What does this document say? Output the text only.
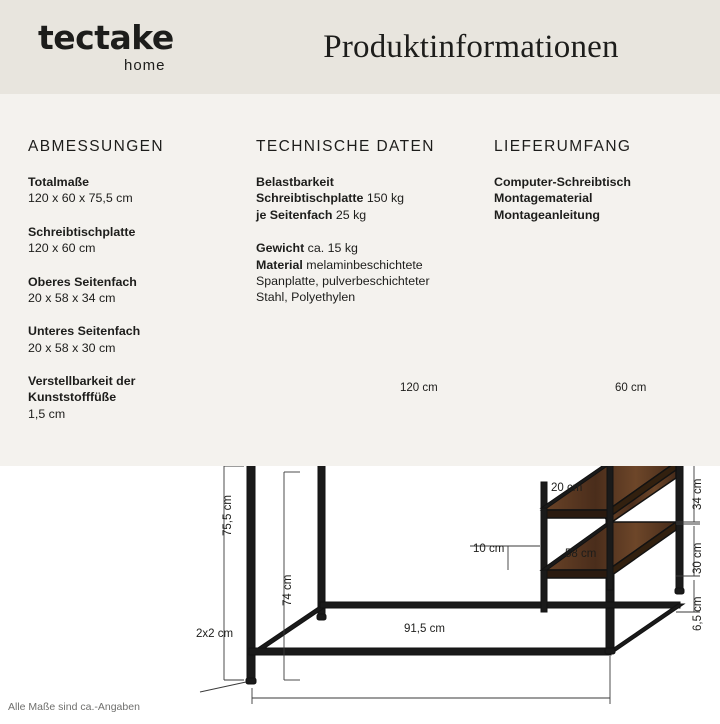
tectake
home
Produktinformationen
ABMESSUNGEN
Totalmaße
120 x 60 x 75,5 cm
Schreibtischplatte
120 x 60 cm
Oberes Seitenfach
20 x 58 x 34 cm
Unteres Seitenfach
20 x 58 x 30 cm
Verstellbarkeit der
Kunststofffüße
1,5 cm
TECHNISCHE DATEN
Belastbarkeit
Schreibtischplatte 150 kg
je Seitenfach 25 kg
Gewicht ca. 15 kg
Material melaminbeschichtete
Spanplatte, pulverbeschichteter
Stahl, Polyethylen
LIEFERUMFANG
Computer-Schreibtisch
Montagematerial
Montageanleitung
120 cm	60 cm
75,5 cm
74 cm
2x2 cm	91,5 cm
10 cm
20 cm
58 cm
34 cm
30 cm
6,5 cm
Alle Maße sind ca.-Angaben
